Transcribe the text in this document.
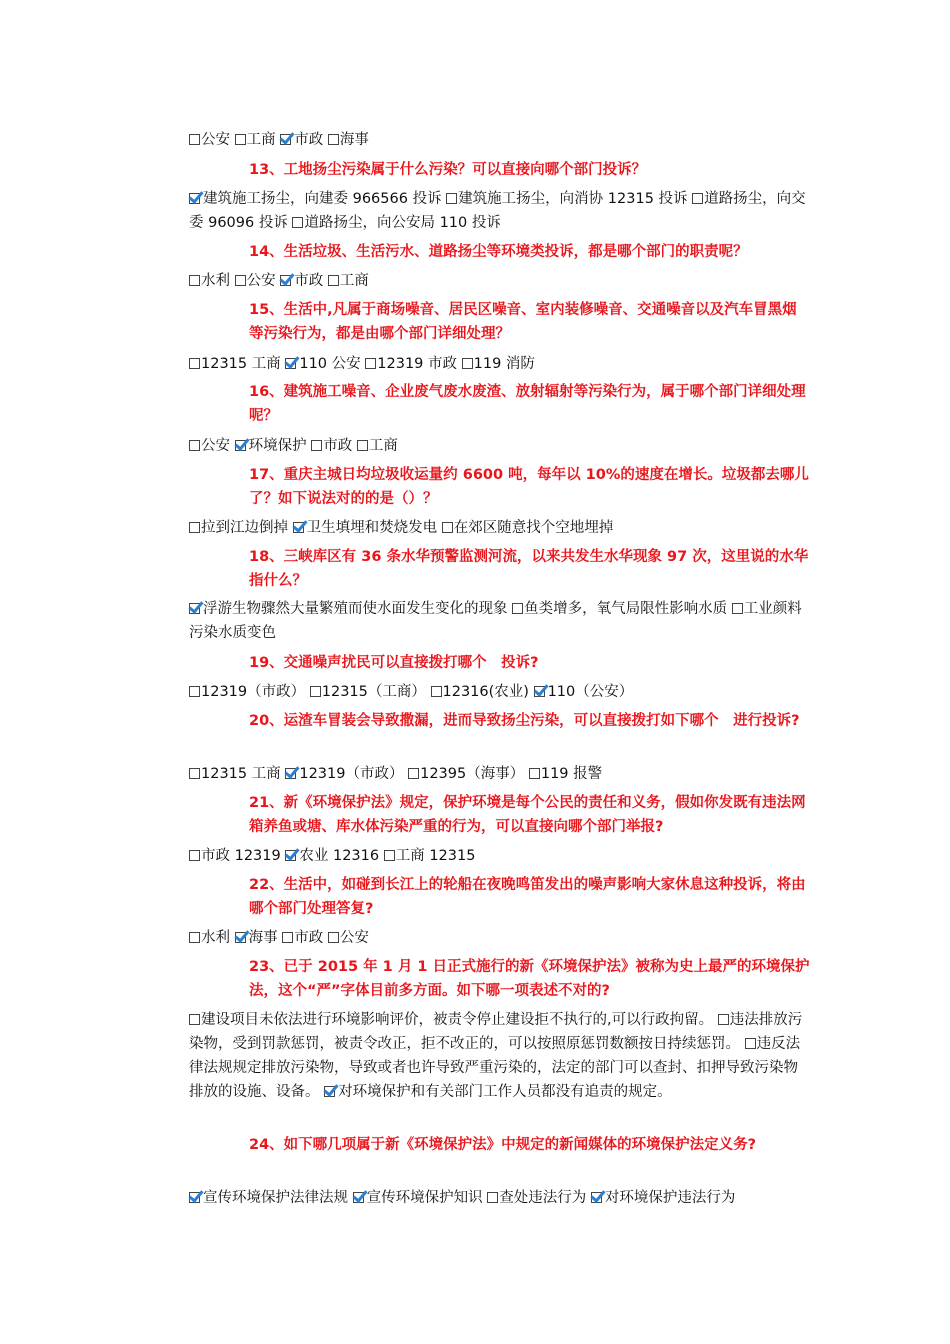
公安 工商 市政 海事

13、工地扬尘污染属于什么污染？可以直接向哪个部门投诉？

建筑施工扬尘，向建委 966566 投诉 建筑施工扬尘，向消协 12315 投诉 道路扬尘，向交委 96096 投诉 道路扬尘，向公安局 110 投诉

14、生活垃圾、生活污水、道路扬尘等环境类投诉，都是哪个部门的职责呢？

水利 公安 市政 工商

15、生活中,凡属于商场噪音、居民区噪音、室内装修噪音、交通噪音以及汽车冒黑烟等污染行为，都是由哪个部门详细处理？

12315 工商 110 公安 12319 市政 119 消防

16、建筑施工噪音、企业废气废水废渣、放射辐射等污染行为，属于哪个部门详细处理呢？

公安 环境保护 市政 工商

17、重庆主城日均垃圾收运量约 6600 吨，每年以 10%的速度在增长。垃圾都去哪儿了？如下说法对的的是（）？

拉到江边倒掉 卫生填埋和焚烧发电 在郊区随意找个空地埋掉

18、三峡库区有 36 条水华预警监测河流，以来共发生水华现象 97 次，这里说的水华指什么？

浮游生物骤然大量繁殖而使水面发生变化的现象 鱼类增多，氧气局限性影响水质 工业颜料污染水质变色

19、交通噪声扰民可以直接拨打哪个　投诉?

12319（市政） 12315（工商） 12316(农业) 110（公安）

20、运渣车冒装会导致撒漏，进而导致扬尘污染，可以直接拨打如下哪个　进行投诉?

12315 工商 12319（市政） 12395（海事） 119 报警

21、新《环境保护法》规定，保护环境是每个公民的责任和义务，假如你发既有违法网箱养鱼或塘、库水体污染严重的行为，可以直接向哪个部门举报?

市政 12319 农业 12316 工商 12315

22、生活中，如碰到长江上的轮船在夜晚鸣笛发出的噪声影响大家休息这种投诉，将由哪个部门处理答复?

水利 海事 市政 公安

23、已于 2015 年 1 月 1 日正式施行的新《环境保护法》被称为史上最严的环境保护法，这个“严”字体目前多方面。如下哪一项表述不对的?

建设项目未依法进行环境影响评价，被责令停止建设拒不执行的,可以行政拘留。 违法排放污染物，受到罚款惩罚，被责令改正，拒不改正的，可以按照原惩罚数额按日持续惩罚。 违反法律法规规定排放污染物，导致或者也许导致严重污染的，法定的部门可以查封、扣押导致污染物排放的设施、设备。 对环境保护和有关部门工作人员都没有追责的规定。

24、如下哪几项属于新《环境保护法》中规定的新闻媒体的环境保护法定义务?

宣传环境保护法律法规 宣传环境保护知识 查处违法行为 对环境保护违法行为
